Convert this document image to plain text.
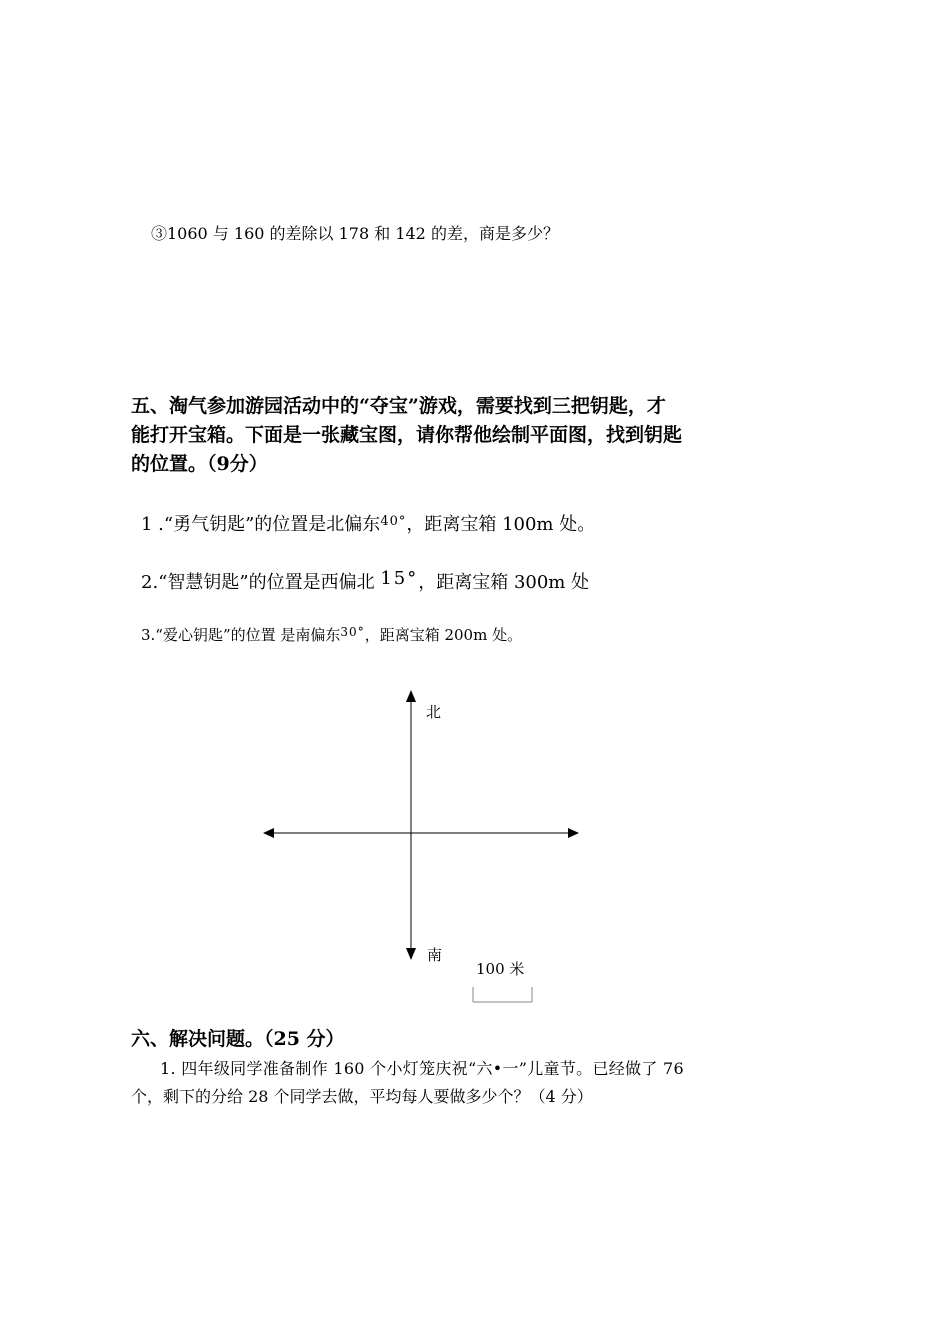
③1060 与 160 的差除以 178 和 142 的差，商是多少？
五、淘气参加游园活动中的“夺宝”游戏，需要找到三把钥匙，才
能打开宝箱。下面是一张藏宝图，请你帮他绘制平面图，找到钥匙
的位置。（9分）
1 .“勇气钥匙”的位置是北偏东$^{40^\circ}$，距离宝箱 100m 处。
2.“智慧钥匙”的位置是西偏北 15°，距离宝箱 300m 处
3.“爱心钥匙”的位置 是南偏东$^{30^\circ}$，距离宝箱 200m 处。
北
南
100 米
六、解决问题。（25 分）
1. 四年级同学准备制作 160 个小灯笼庆祝“六•一”儿童节。已经做了 76
个，剩下的分给 28 个同学去做，平均每人要做多少个？（4 分）
